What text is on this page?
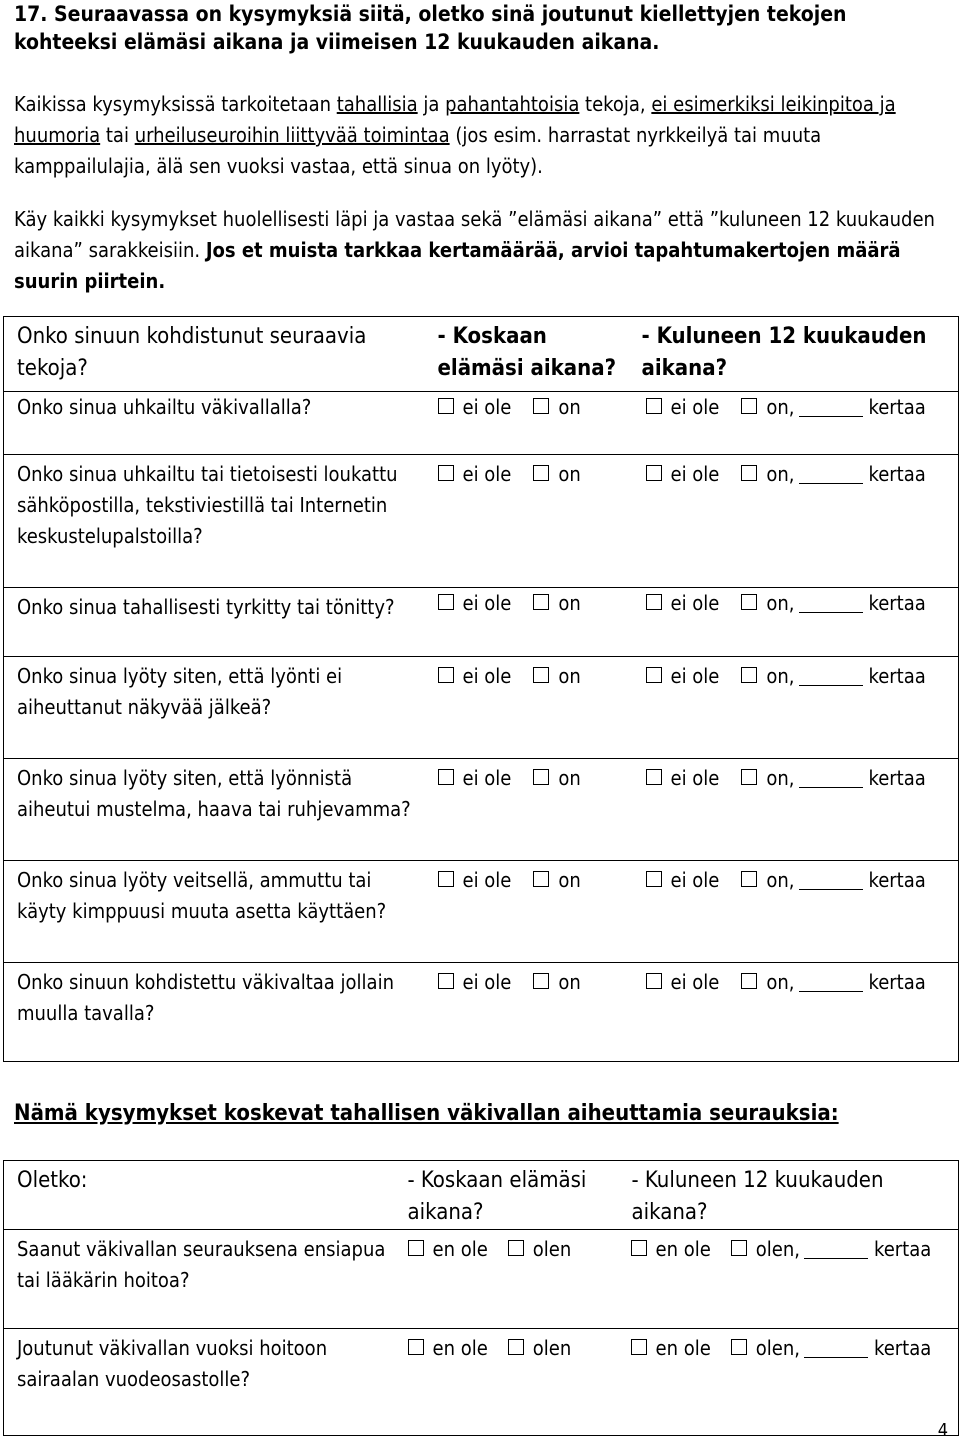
17. Seuraavassa on kysymyksiä siitä, oletko sinä joutunut kiellettyjen tekojen kohteeksi elämäsi aikana ja viimeisen 12 kuukauden aikana.

Kaikissa kysymyksissä tarkoitetaan tahallisia ja pahantahtoisia tekoja, ei esimerkiksi leikinpitoa ja huumoria tai urheiluseuroihin liittyvää toimintaa (jos esim. harrastat nyrkkeilyä tai muuta kamppailulajia, älä sen vuoksi vastaa, että sinua on lyöty).

Käy kaikki kysymykset huolellisesti läpi ja vastaa sekä ”elämäsi aikana” että ”kuluneen 12 kuukauden aikana” sarakkeisiin. Jos et muista tarkkaa kertamäärää, arvioi tapahtumakertojen määrä suurin piirtein.

Onko sinuun kohdistunut seuraavia tekoja?	- Koskaan elämäsi aikana?	- Kuluneen 12 kuukauden aikana?

Onko sinua uhkailtu väkivallalla?	ei ole on	ei ole on, kertaa

Onko sinua uhkailtu tai tietoisesti loukattu sähköpostilla, tekstiviestillä tai Internetin keskustelupalstoilla?	ei ole on	ei ole on, kertaa

Onko sinua tahallisesti tyrkitty tai tönitty?	ei ole on	ei ole on, kertaa

Onko sinua lyöty siten, että lyönti ei aiheuttanut näkyvää jälkeä?	ei ole on	ei ole on, kertaa

Onko sinua lyöty siten, että lyönnistä aiheutui mustelma, haava tai ruhjevamma?	ei ole on	ei ole on, kertaa

Onko sinua lyöty veitsellä, ammuttu tai käyty kimppuusi muuta asetta käyttäen?	ei ole on	ei ole on, kertaa

Onko sinuun kohdistettu väkivaltaa jollain muulla tavalla?	ei ole on	ei ole on, kertaa
Nämä kysymykset koskevat tahallisen väkivallan aiheuttamia seurauksia:
Oletko:	- Koskaan elämäsi aikana?	- Kuluneen 12 kuukauden aikana?

Saanut väkivallan seurauksena ensiapua tai lääkärin hoitoa?	en ole olen	en ole olen, kertaa

Joutunut väkivallan vuoksi hoitoon sairaalan vuodeosastolle?	en ole olen	en ole olen, kertaa
4
